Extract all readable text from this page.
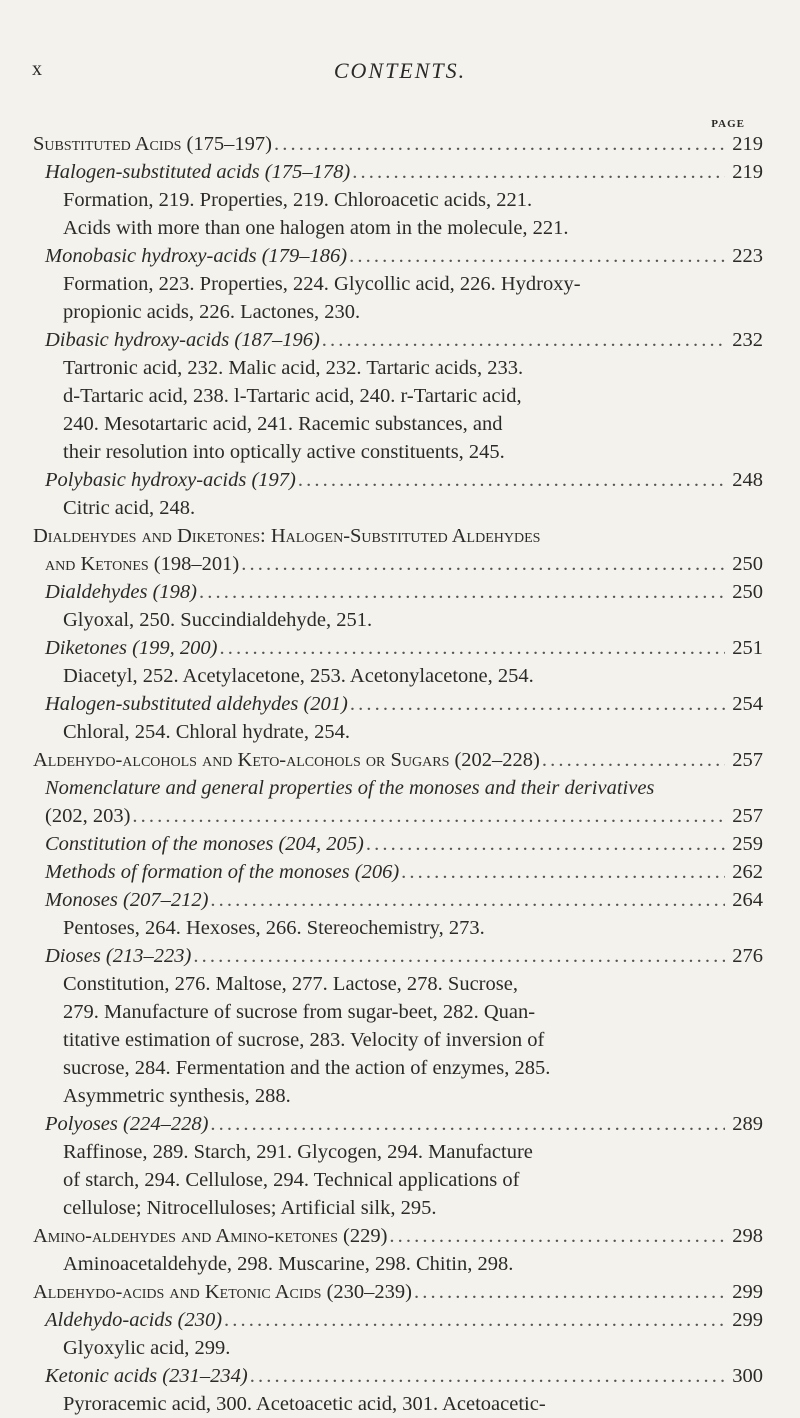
x	CONTENTS.
PAGE
Substituted Acids (175–197) . . .	219
Halogen-substituted acids (175–178) . . .	219
Formation, 219. Properties, 219. Chloroacetic acids, 221.
Acids with more than one halogen atom in the molecule, 221.
Monobasic hydroxy-acids (179–186) . . .	223
Formation, 223. Properties, 224. Glycollic acid, 226. Hydroxy-
propionic acids, 226. Lactones, 230.
Dibasic hydroxy-acids (187–196) . . .	232
Tartronic acid, 232. Malic acid, 232. Tartaric acids, 233.
d-Tartaric acid, 238. l-Tartaric acid, 240. r-Tartaric acid,
240. Mesotartaric acid, 241. Racemic substances, and
their resolution into optically active constituents, 245.
Polybasic hydroxy-acids (197) . . .	248
Citric acid, 248.
Dialdehydes and Diketones: Halogen-Substituted Aldehydes
and Ketones (198–201) . . .	250
Dialdehydes (198) . . .	250
Glyoxal, 250. Succindialdehyde, 251.
Diketones (199, 200) . . .	251
Diacetyl, 252. Acetylacetone, 253. Acetonylacetone, 254.
Halogen-substituted aldehydes (201) . . .	254
Chloral, 254. Chloral hydrate, 254.
Aldehydo-alcohols and Keto-alcohols or Sugars (202–228) . . .	257
Nomenclature and general properties of the monoses and their derivatives
(202, 203) . . .	257
Constitution of the monoses (204, 205) . . .	259
Methods of formation of the monoses (206) . . .	262
Monoses (207–212) . . .	264
Pentoses, 264. Hexoses, 266. Stereochemistry, 273.
Dioses (213–223) . . .	276
Constitution, 276. Maltose, 277. Lactose, 278. Sucrose,
279. Manufacture of sucrose from sugar-beet, 282. Quan-
titative estimation of sucrose, 283. Velocity of inversion of
sucrose, 284. Fermentation and the action of enzymes, 285.
Asymmetric synthesis, 288.
Polyoses (224–228) . . .	289
Raffinose, 289. Starch, 291. Glycogen, 294. Manufacture
of starch, 294. Cellulose, 294. Technical applications of
cellulose; Nitrocelluloses; Artificial silk, 295.
Amino-aldehydes and Amino-ketones (229) . . .	298
Aminoacetaldehyde, 298. Muscarine, 298. Chitin, 298.
Aldehydo-acids and Ketonic Acids (230–239) . . .	299
Aldehydo-acids (230) . . .	299
Glyoxylic acid, 299.
Ketonic acids (231–234) . . .	300
Pyroracemic acid, 300. Acetoacetic acid, 301. Acetoacetic-
